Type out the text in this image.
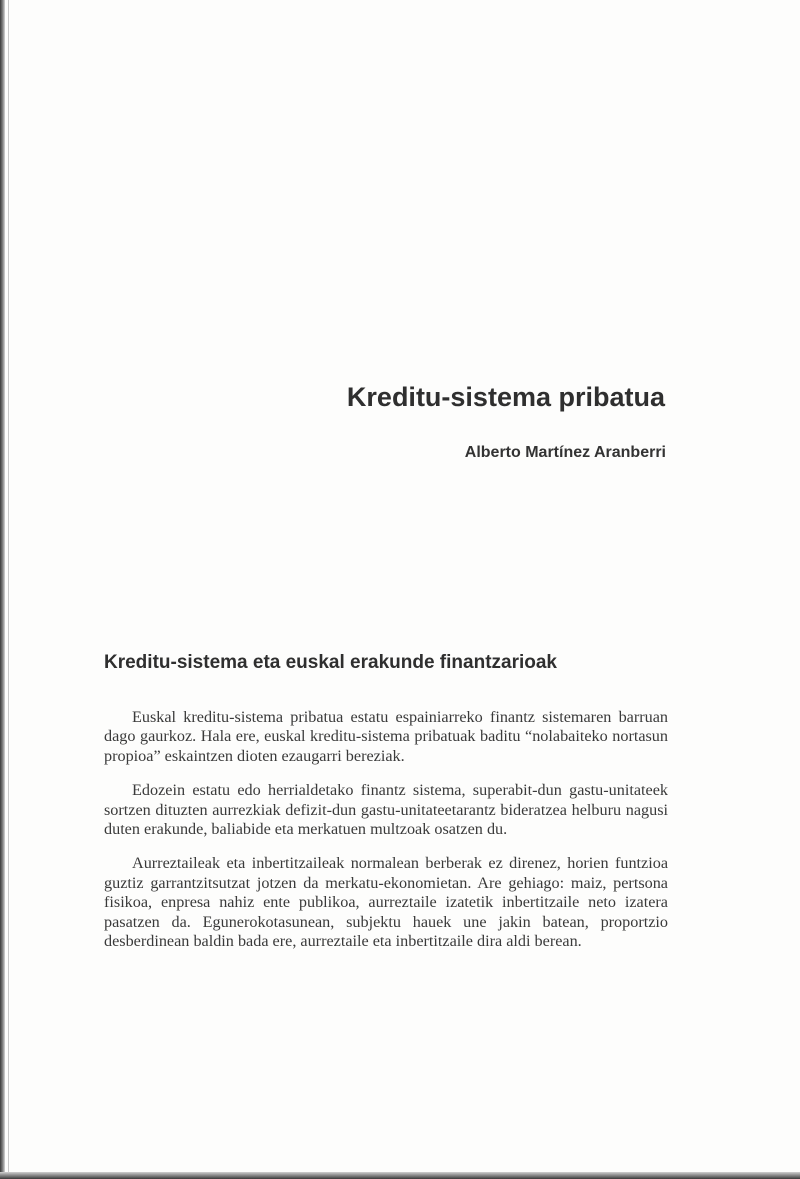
Kreditu-sistema pribatua

Alberto Martínez Aranberri

Kreditu-sistema eta euskal erakunde finantzarioak

Euskal kreditu-sistema pribatua estatu espainiarreko finantz sistemaren barruan dago gaurkoz. Hala ere, euskal kreditu-sistema pribatuak baditu “nolabaiteko nortasun propioa” eskaintzen dioten ezaugarri bereziak.

Edozein estatu edo herrialdetako finantz sistema, superabit-dun gastu-unitateek sortzen dituzten aurrezkiak defizit-dun gastu-unitateetarantz bideratzea helburu nagusi duten erakunde, baliabide eta merkatuen multzoak osatzen du.

Aurreztaileak eta inbertitzaileak normalean berberak ez direnez, horien funtzioa guztiz garrantzitsutzat jotzen da merkatu-ekonomietan. Are gehiago: maiz, pertsona fisikoa, enpresa nahiz ente publikoa, aurreztaile izatetik inbertitzaile neto izatera pasatzen da. Egunerokotasunean, subjektu hauek une jakin batean, proportzio desberdinean baldin bada ere, aurreztaile eta inbertitzaile dira aldi berean.
